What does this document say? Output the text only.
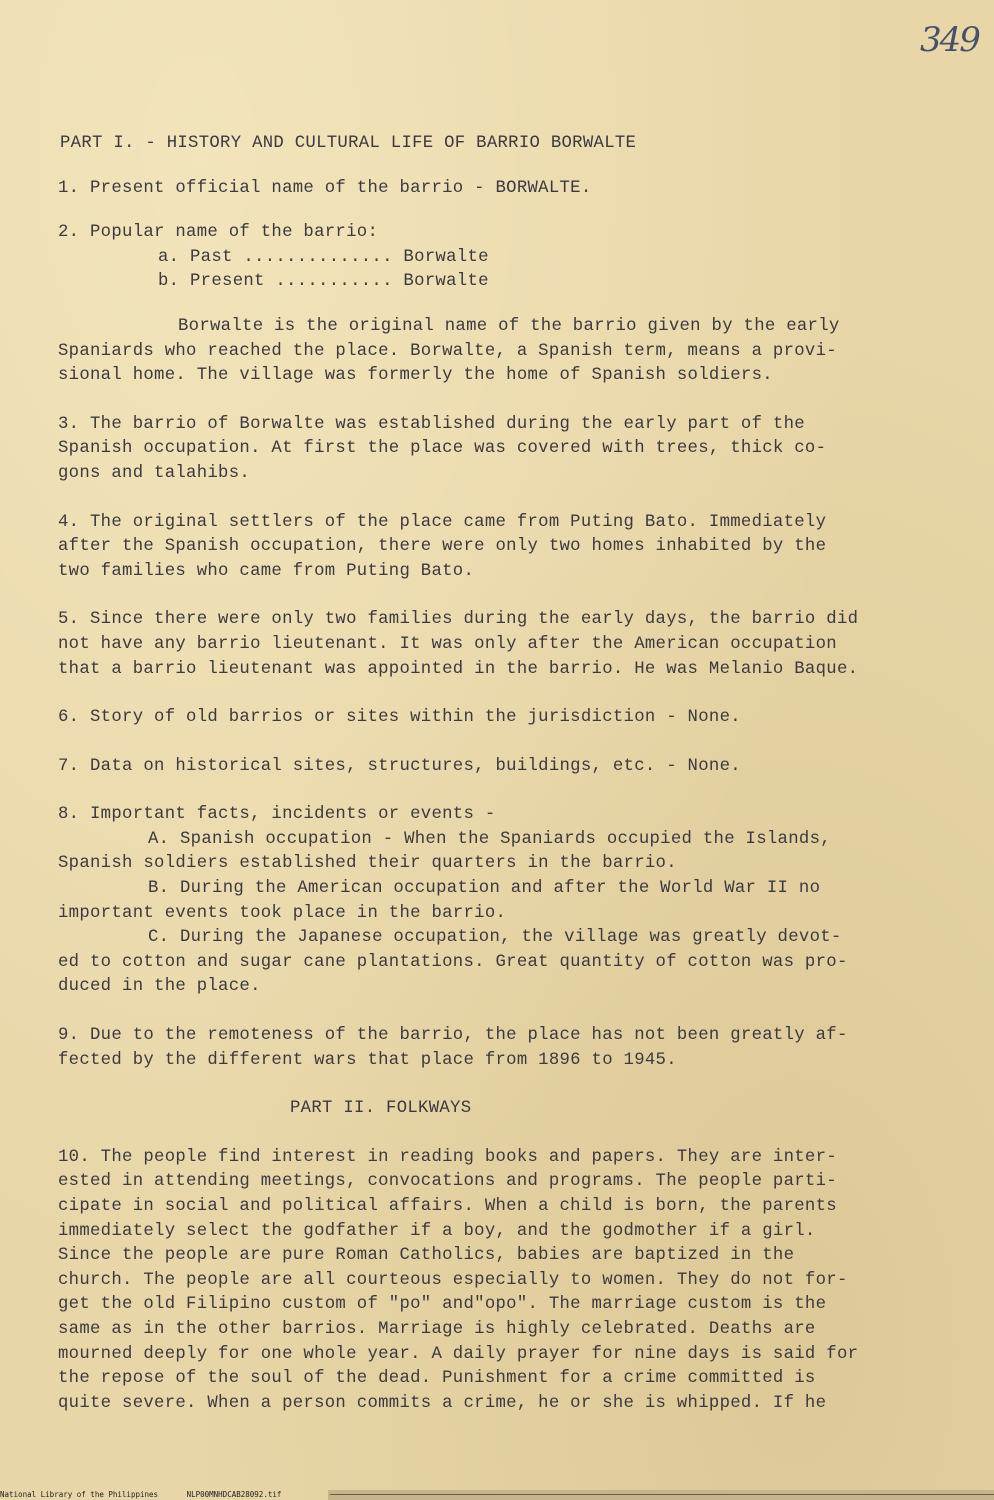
349

PART I. - HISTORY AND CULTURAL LIFE OF BARRIO BORWALTE

1. Present official name of the barrio - BORWALTE.

2. Popular name of the barrio:

a. Past .............. Borwalte

b. Present ........... Borwalte

Borwalte is the original name of the barrio given by the early

Spaniards who reached the place. Borwalte, a Spanish term, means a provi-

sional home. The village was formerly the home of Spanish soldiers.

3. The barrio of Borwalte was established during the early part of the

Spanish occupation. At first the place was covered with trees, thick co-

gons and talahibs.

4. The original settlers of the place came from Puting Bato. Immediately

after the Spanish occupation, there were only two homes inhabited by the

two families who came from Puting Bato.

5. Since there were only two families during the early days, the barrio did

not have any barrio lieutenant. It was only after the American occupation

that a barrio lieutenant was appointed in the barrio. He was Melanio Baque.

6. Story of old barrios or sites within the jurisdiction - None.

7. Data on historical sites, structures, buildings, etc. - None.

8. Important facts, incidents or events -

A. Spanish occupation - When the Spaniards occupied the Islands,

Spanish soldiers established their quarters in the barrio.

B. During the American occupation and after the World War II no

important events took place in the barrio.

C. During the Japanese occupation, the village was greatly devot-

ed to cotton and sugar cane plantations. Great quantity of cotton was pro-

duced in the place.

9. Due to the remoteness of the barrio, the place has not been greatly af-

fected by the different wars that place from 1896 to 1945.

PART II. FOLKWAYS

10. The people find interest in reading books and papers. They are inter-

ested in attending meetings, convocations and programs. The people parti-

cipate in social and political affairs. When a child is born, the parents

immediately select the godfather if a boy, and the godmother if a girl.

Since the people are pure Roman Catholics, babies are baptized in the

church. The people are all courteous especially to women. They do not for-

get the old Filipino custom of "po" and"opo". The marriage custom is the

same as in the other barrios. Marriage is highly celebrated. Deaths are

mourned deeply for one whole year. A daily prayer for nine days is said for

the repose of the soul of the dead. Punishment for a crime committed is

quite severe. When a person commits a crime, he or she is whipped. If he

National Library of the Philippines	NLP00MNHDCAB28092.tif
